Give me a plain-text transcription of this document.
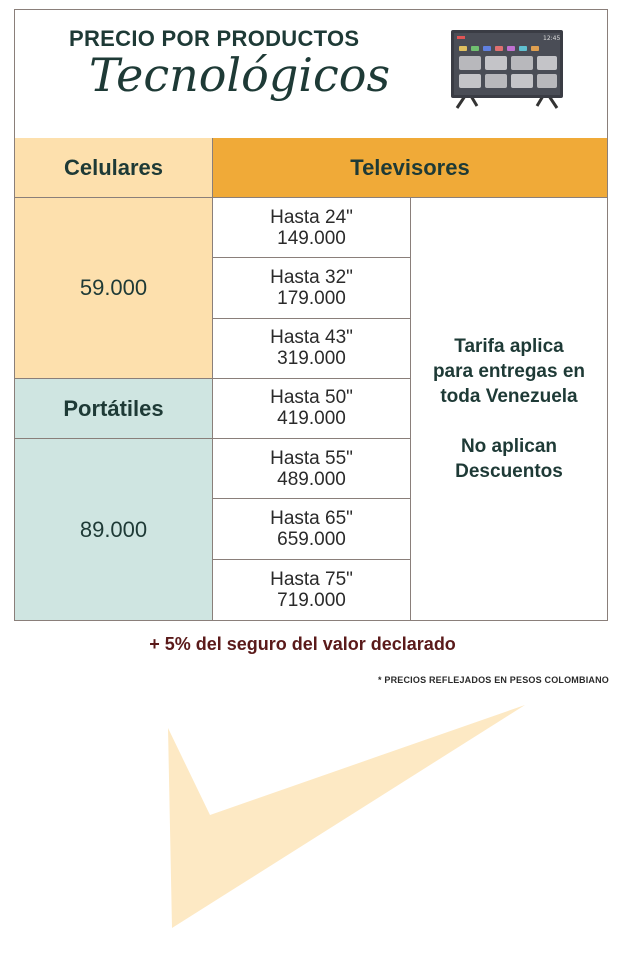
PRECIO POR PRODUCTOS
Tecnológicos
12:45
Celulares	Televisores
59.000
Portátiles
89.000
Hasta 24"
149.000
Hasta 32"
179.000
Hasta 43"
319.000
Hasta 50"
419.000
Hasta 55"
489.000
Hasta 65"
659.000
Hasta 75"
719.000

Tarifa aplica

para entregas en

toda Venezuela

No aplican

Descuentos

+ 5% del seguro del valor declarado
* PRECIOS REFLEJADOS EN PESOS COLOMBIANO
